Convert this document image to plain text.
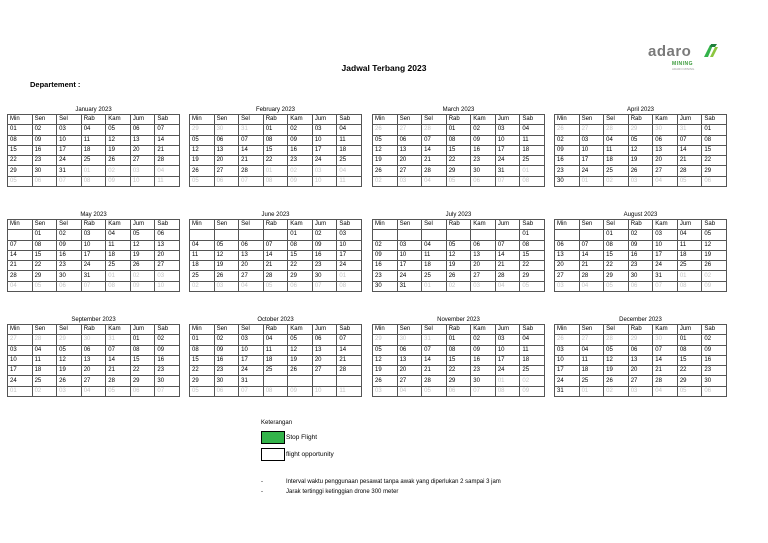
Jadwal Terbang 2023
Departement :
adaro
MINING
ADARO MINING
January 2023
Min	Sen	Sel	Rab	Kam	Jum	Sab
01	02	03	04	05	06	07
08	09	10	11	12	13	14
15	16	17	18	19	20	21
22	23	24	25	26	27	28
29	30	31	01	02	03	04
05	06	07	08	09	10	11
February 2023
Min	Sen	Sel	Rab	Kam	Jum	Sab
29	30	31	01	02	03	04
05	06	07	08	09	10	11
12	13	14	15	16	17	18
19	20	21	22	23	24	25
26	27	28	01	02	03	04
05	06	07	08	09	10	11
March 2023
Min	Sen	Sel	Rab	Kam	Jum	Sab
26	27	28	01	02	03	04
05	06	07	08	09	10	11
12	13	14	15	16	17	18
19	20	21	22	23	24	25
26	27	28	29	30	31	01
02	03	04	05	06	07	08
April 2023
Min	Sen	Sel	Rab	Kam	Jum	Sab
26	27	28	29	30	31	01
02	03	04	05	06	07	08
09	10	11	12	13	14	15
16	17	18	19	20	21	22
23	24	25	26	27	28	29
30	01	02	03	04	05	06
May 2023
Min	Sen	Sel	Rab	Kam	Jum	Sab
	01	02	03	04	05	06
07	08	09	10	11	12	13
14	15	16	17	18	19	20
21	22	23	24	25	26	27
28	29	30	31	01	02	03
04	05	06	07	08	09	10
June 2023
Min	Sen	Sel	Rab	Kam	Jum	Sab
				01	02	03
04	05	06	07	08	09	10
11	12	13	14	15	16	17
18	19	20	21	22	23	24
25	26	27	28	29	30	01
02	03	04	05	06	07	08
July 2023
Min	Sen	Sel	Rab	Kam	Jum	Sab
						01
02	03	04	05	06	07	08
09	10	11	12	13	14	15
16	17	18	19	20	21	22
23	24	25	26	27	28	29
30	31	01	02	03	04	05
August 2023
Min	Sen	Sel	Rab	Kam	Jum	Sab
		01	02	03	04	05
06	07	08	09	10	11	12
13	14	15	16	17	18	19
20	21	22	23	24	25	26
27	28	29	30	31	01	02
03	04	05	06	07	08	09
September 2023
Min	Sen	Sel	Rab	Kam	Jum	Sab
27	28	29	30	31	01	02
03	04	05	06	07	08	09
10	11	12	13	14	15	16
17	18	19	20	21	22	23
24	25	26	27	28	29	30
01	02	03	04	05	06	07
October 2023
Min	Sen	Sel	Rab	Kam	Jum	Sab
01	02	03	04	05	06	07
08	09	10	11	12	13	14
15	16	17	18	19	20	21
22	23	24	25	26	27	28
29	30	31				
05	06	07	08	09	10	11
November 2023
Min	Sen	Sel	Rab	Kam	Jum	Sab
29	30	31	01	02	03	04
05	06	07	08	09	10	11
12	13	14	15	16	17	18
19	20	21	22	23	24	25
26	27	28	29	30	01	02
03	04	05	06	07	08	09
December 2023
Min	Sen	Sel	Rab	Kam	Jum	Sab
26	27	28	29	30	01	02
03	04	05	06	07	08	09
10	11	12	13	14	15	16
17	18	19	20	21	22	23
24	25	26	27	28	29	30
31	01	02	03	04	05	06
Keterangan
Stop Flight
flight opportunity
-	Interval waktu penggunaan pesawat tanpa awak yang diperlukan 2 sampai 3 jam
-	Jarak tertinggi ketinggian drone 300 meter
